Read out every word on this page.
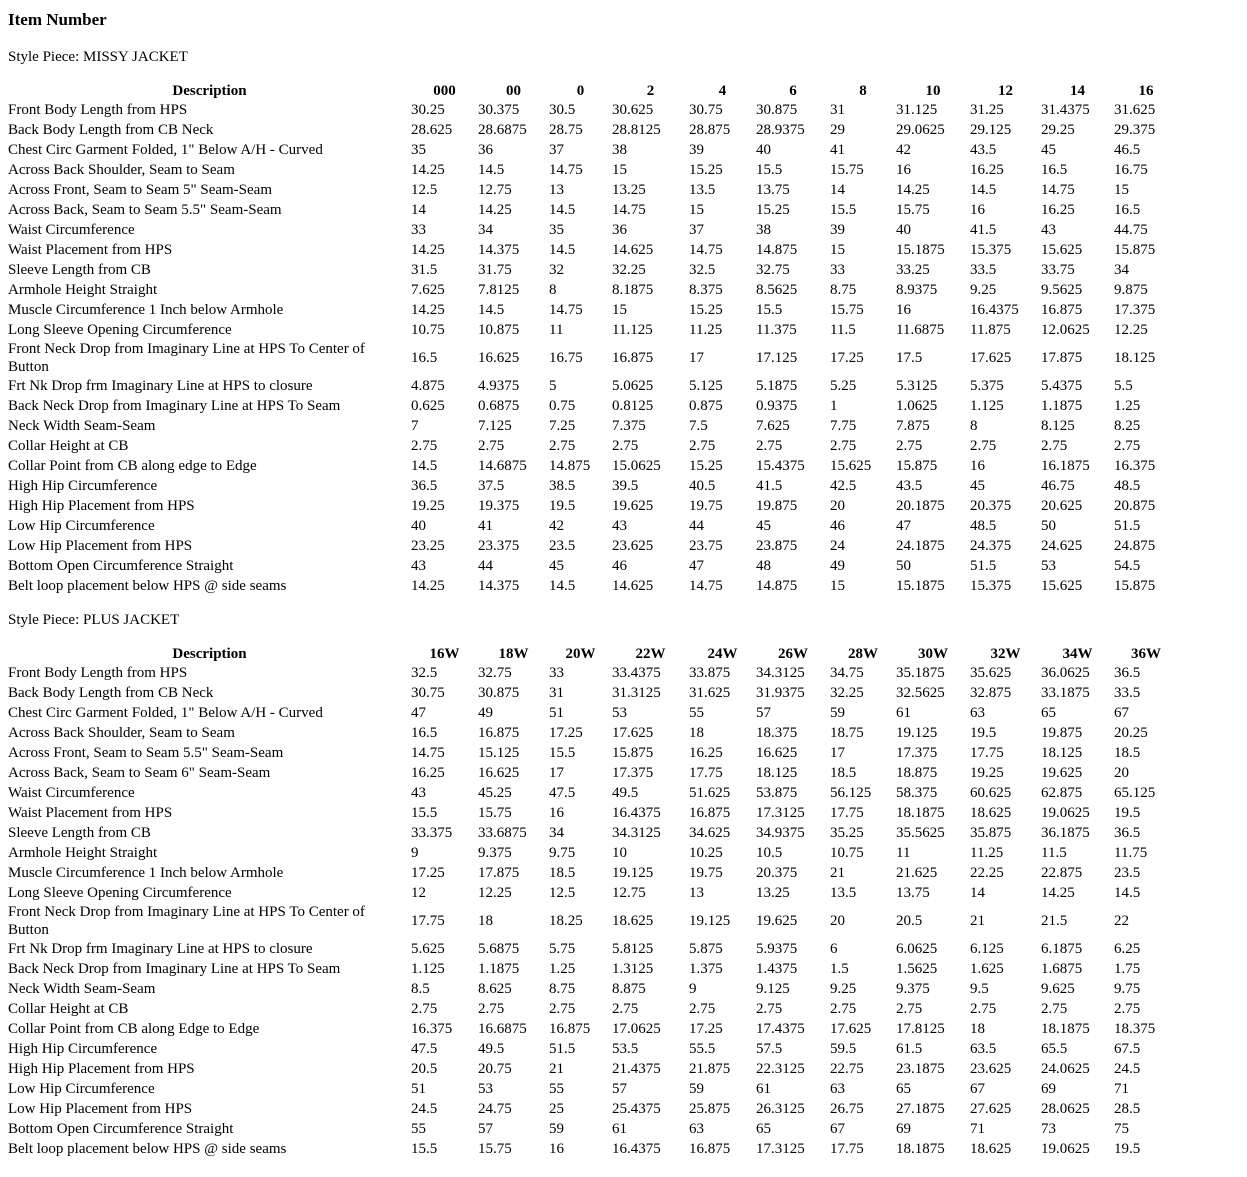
Item Number
Style Piece: MISSY JACKET
Description	000	00	0	2	4	6	8	10	12	14	16
Front Body Length from HPS	30.25	30.375	30.5	30.625	30.75	30.875	31	31.125	31.25	31.4375	31.625
Back Body Length from CB Neck	28.625	28.6875	28.75	28.8125	28.875	28.9375	29	29.0625	29.125	29.25	29.375
Chest Circ Garment Folded, 1" Below A/H - Curved	35	36	37	38	39	40	41	42	43.5	45	46.5
Across Back Shoulder, Seam to Seam	14.25	14.5	14.75	15	15.25	15.5	15.75	16	16.25	16.5	16.75
Across Front, Seam to Seam 5" Seam-Seam	12.5	12.75	13	13.25	13.5	13.75	14	14.25	14.5	14.75	15
Across Back, Seam to Seam 5.5" Seam-Seam	14	14.25	14.5	14.75	15	15.25	15.5	15.75	16	16.25	16.5
Waist Circumference	33	34	35	36	37	38	39	40	41.5	43	44.75
Waist Placement from HPS	14.25	14.375	14.5	14.625	14.75	14.875	15	15.1875	15.375	15.625	15.875
Sleeve Length from CB	31.5	31.75	32	32.25	32.5	32.75	33	33.25	33.5	33.75	34
Armhole Height Straight	7.625	7.8125	8	8.1875	8.375	8.5625	8.75	8.9375	9.25	9.5625	9.875
Muscle Circumference 1 Inch below Armhole	14.25	14.5	14.75	15	15.25	15.5	15.75	16	16.4375	16.875	17.375
Long Sleeve Opening Circumference	10.75	10.875	11	11.125	11.25	11.375	11.5	11.6875	11.875	12.0625	12.25
Front Neck Drop from Imaginary Line at HPS To Center of Button	16.5	16.625	16.75	16.875	17	17.125	17.25	17.5	17.625	17.875	18.125
Frt Nk Drop frm Imaginary Line at HPS to closure	4.875	4.9375	5	5.0625	5.125	5.1875	5.25	5.3125	5.375	5.4375	5.5
Back Neck Drop from Imaginary Line at HPS To Seam	0.625	0.6875	0.75	0.8125	0.875	0.9375	1	1.0625	1.125	1.1875	1.25
Neck Width Seam-Seam	7	7.125	7.25	7.375	7.5	7.625	7.75	7.875	8	8.125	8.25
Collar Height at CB	2.75	2.75	2.75	2.75	2.75	2.75	2.75	2.75	2.75	2.75	2.75
Collar Point from CB along edge to Edge	14.5	14.6875	14.875	15.0625	15.25	15.4375	15.625	15.875	16	16.1875	16.375
High Hip Circumference	36.5	37.5	38.5	39.5	40.5	41.5	42.5	43.5	45	46.75	48.5
High Hip Placement from HPS	19.25	19.375	19.5	19.625	19.75	19.875	20	20.1875	20.375	20.625	20.875
Low Hip Circumference	40	41	42	43	44	45	46	47	48.5	50	51.5
Low Hip Placement from HPS	23.25	23.375	23.5	23.625	23.75	23.875	24	24.1875	24.375	24.625	24.875
Bottom Open Circumference Straight	43	44	45	46	47	48	49	50	51.5	53	54.5
Belt loop placement below HPS @ side seams	14.25	14.375	14.5	14.625	14.75	14.875	15	15.1875	15.375	15.625	15.875
Style Piece: PLUS JACKET
Description	16W	18W	20W	22W	24W	26W	28W	30W	32W	34W	36W
Front Body Length from HPS	32.5	32.75	33	33.4375	33.875	34.3125	34.75	35.1875	35.625	36.0625	36.5
Back Body Length from CB Neck	30.75	30.875	31	31.3125	31.625	31.9375	32.25	32.5625	32.875	33.1875	33.5
Chest Circ Garment Folded, 1" Below A/H - Curved	47	49	51	53	55	57	59	61	63	65	67
Across Back Shoulder, Seam to Seam	16.5	16.875	17.25	17.625	18	18.375	18.75	19.125	19.5	19.875	20.25
Across Front, Seam to Seam 5.5" Seam-Seam	14.75	15.125	15.5	15.875	16.25	16.625	17	17.375	17.75	18.125	18.5
Across Back, Seam to Seam 6" Seam-Seam	16.25	16.625	17	17.375	17.75	18.125	18.5	18.875	19.25	19.625	20
Waist Circumference	43	45.25	47.5	49.5	51.625	53.875	56.125	58.375	60.625	62.875	65.125
Waist Placement from HPS	15.5	15.75	16	16.4375	16.875	17.3125	17.75	18.1875	18.625	19.0625	19.5
Sleeve Length from CB	33.375	33.6875	34	34.3125	34.625	34.9375	35.25	35.5625	35.875	36.1875	36.5
Armhole Height Straight	9	9.375	9.75	10	10.25	10.5	10.75	11	11.25	11.5	11.75
Muscle Circumference 1 Inch below Armhole	17.25	17.875	18.5	19.125	19.75	20.375	21	21.625	22.25	22.875	23.5
Long Sleeve Opening Circumference	12	12.25	12.5	12.75	13	13.25	13.5	13.75	14	14.25	14.5
Front Neck Drop from Imaginary Line at HPS To Center of Button	17.75	18	18.25	18.625	19.125	19.625	20	20.5	21	21.5	22
Frt Nk Drop frm Imaginary Line at HPS to closure	5.625	5.6875	5.75	5.8125	5.875	5.9375	6	6.0625	6.125	6.1875	6.25
Back Neck Drop from Imaginary Line at HPS To Seam	1.125	1.1875	1.25	1.3125	1.375	1.4375	1.5	1.5625	1.625	1.6875	1.75
Neck Width Seam-Seam	8.5	8.625	8.75	8.875	9	9.125	9.25	9.375	9.5	9.625	9.75
Collar Height at CB	2.75	2.75	2.75	2.75	2.75	2.75	2.75	2.75	2.75	2.75	2.75
Collar Point from CB along Edge to Edge	16.375	16.6875	16.875	17.0625	17.25	17.4375	17.625	17.8125	18	18.1875	18.375
High Hip Circumference	47.5	49.5	51.5	53.5	55.5	57.5	59.5	61.5	63.5	65.5	67.5
High Hip Placement from HPS	20.5	20.75	21	21.4375	21.875	22.3125	22.75	23.1875	23.625	24.0625	24.5
Low Hip Circumference	51	53	55	57	59	61	63	65	67	69	71
Low Hip Placement from HPS	24.5	24.75	25	25.4375	25.875	26.3125	26.75	27.1875	27.625	28.0625	28.5
Bottom Open Circumference Straight	55	57	59	61	63	65	67	69	71	73	75
Belt loop placement below HPS @ side seams	15.5	15.75	16	16.4375	16.875	17.3125	17.75	18.1875	18.625	19.0625	19.5
